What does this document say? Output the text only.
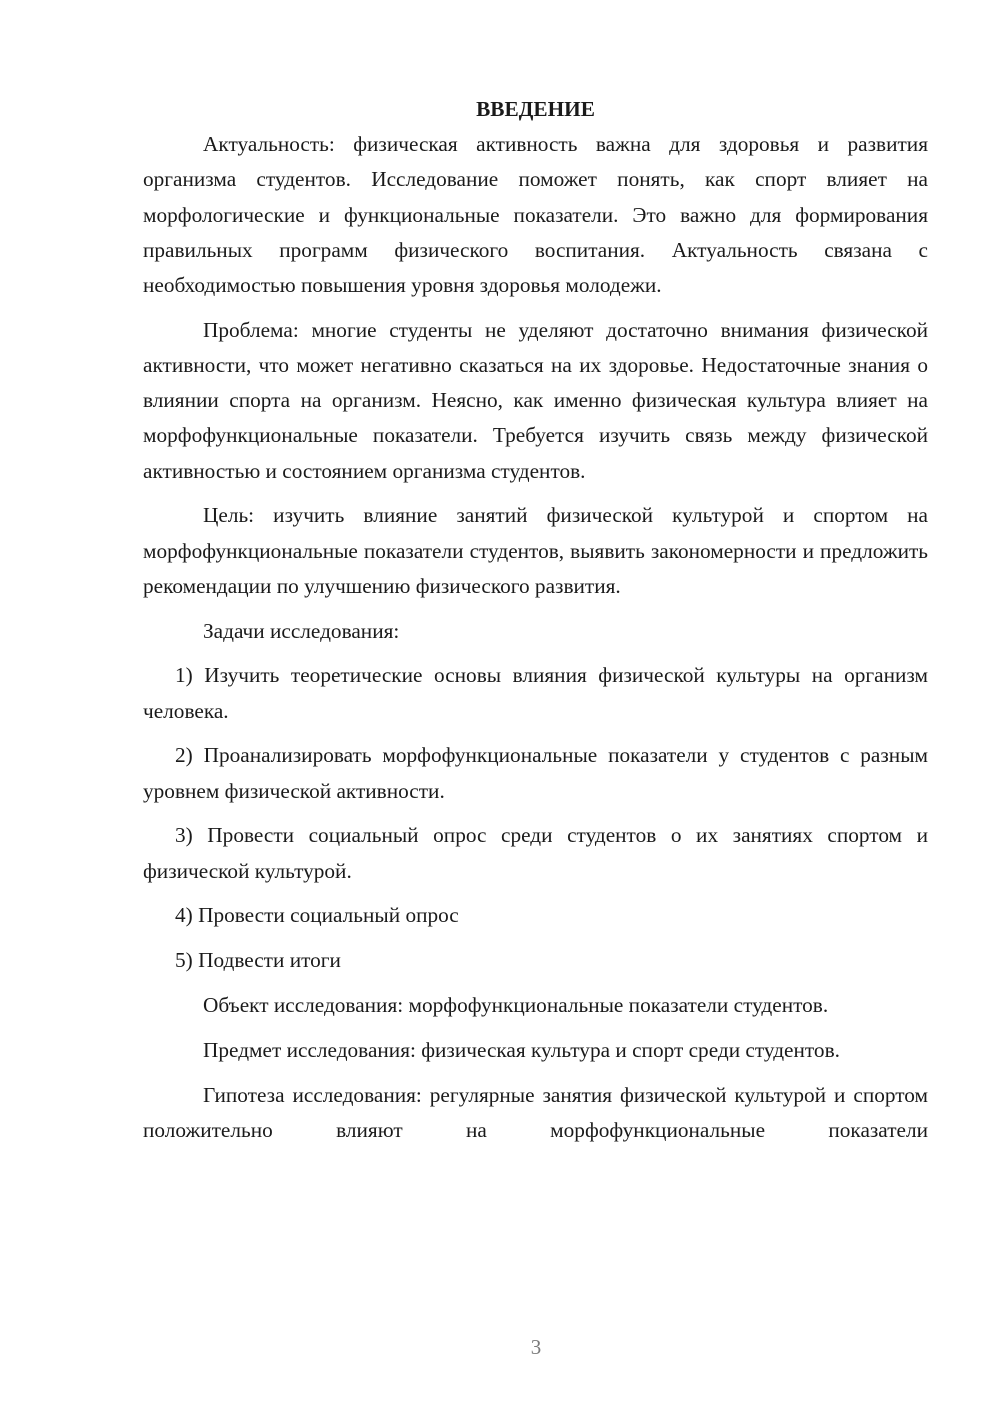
ВВЕДЕНИЕ

Актуальность: физическая активность важна для здоровья и развития организма студентов. Исследование поможет понять, как спорт влияет на морфологические и функциональные показатели. Это важно для формирования правильных программ физического воспитания. Актуальность связана с необходимостью повышения уровня здоровья молодежи.

Проблема: многие студенты не уделяют достаточно внимания физической активности, что может негативно сказаться на их здоровье. Недостаточные знания о влиянии спорта на организм. Неясно, как именно физическая культура влияет на морфофункциональные показатели. Требуется изучить связь между физической активностью и состоянием организма студентов.

Цель: изучить влияние занятий физической культурой и спортом на морфофункциональные показатели студентов, выявить закономерности и предложить рекомендации по улучшению физического развития.

Задачи исследования:

1) Изучить теоретические основы влияния физической культуры на организм человека.

2) Проанализировать морфофункциональные показатели у студентов с разным уровнем физической активности.

3) Провести социальный опрос среди студентов о их занятиях спортом и физической культурой.

4) Провести социальный опрос

5) Подвести итоги

Объект исследования: морфофункциональные показатели студентов.

Предмет исследования: физическая культура и спорт среди студентов.

Гипотеза исследования: регулярные занятия физической культурой и спортом положительно влияют на морфофункциональные показатели

3
